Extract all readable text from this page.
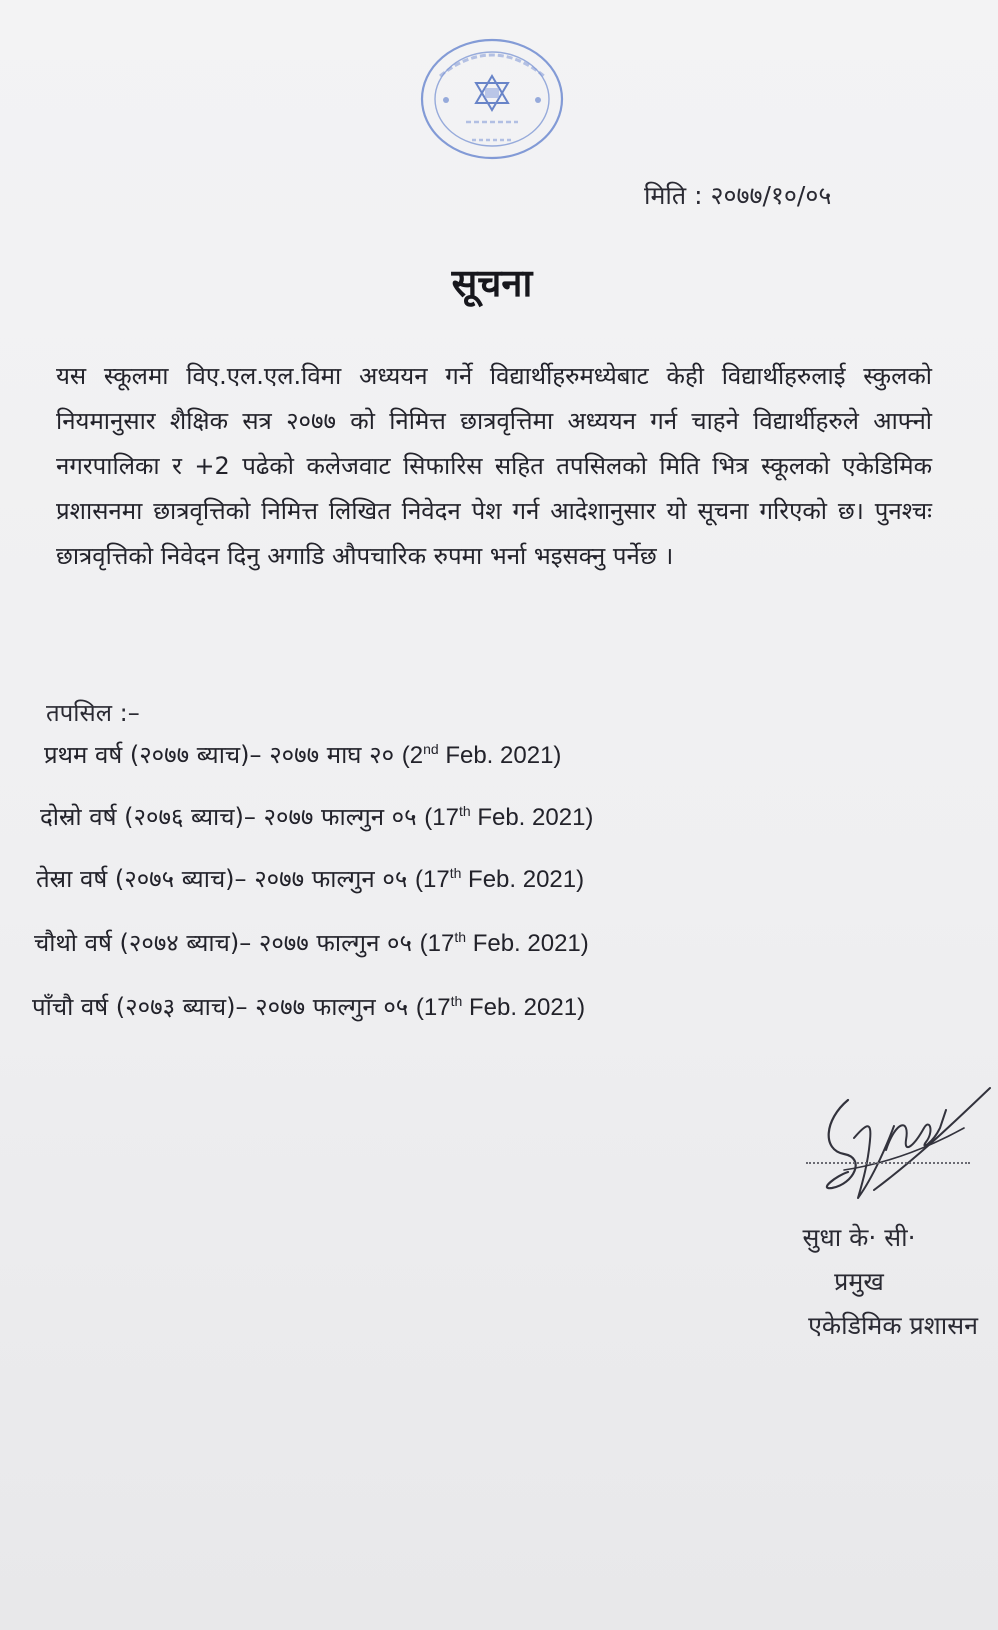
मिति : २०७७/१०/०५
सूचना
यस स्कूलमा विए.एल.एल.विमा अध्ययन गर्ने विद्यार्थीहरुमध्येबाट केही विद्यार्थीहरुलाई स्कुलको नियमानुसार शैक्षिक सत्र २०७७ को निमित्त छात्रवृत्तिमा अध्ययन गर्न चाहने विद्यार्थीहरुले आफ्नो नगरपालिका र +2 पढेको कलेजवाट सिफारिस सहित तपसिलको मिति भित्र स्कूलको एकेडिमिक प्रशासनमा छात्रवृत्तिको निमित्त लिखित निवेदन पेश गर्न आदेशानुसार यो सूचना गरिएको छ। पुनश्चः छात्रवृत्तिको निवेदन दिनु अगाडि औपचारिक रुपमा भर्ना भइसक्नु पर्नेछ ।
तपसिल :–
प्रथम वर्ष (२०७७ ब्याच)– २०७७ माघ २० (2nd Feb. 2021)
दोस्रो वर्ष (२०७६ ब्याच)– २०७७ फाल्गुन ०५ (17th Feb. 2021)
तेस्रा वर्ष (२०७५ ब्याच)– २०७७ फाल्गुन ०५ (17th Feb. 2021)
चौथो वर्ष (२०७४ ब्याच)– २०७७ फाल्गुन ०५ (17th Feb. 2021)
पाँचौ वर्ष (२०७३ ब्याच)– २०७७ फाल्गुन ०५ (17th Feb. 2021)
सुधा के· सी·
प्रमुख
एकेडिमिक प्रशासन
